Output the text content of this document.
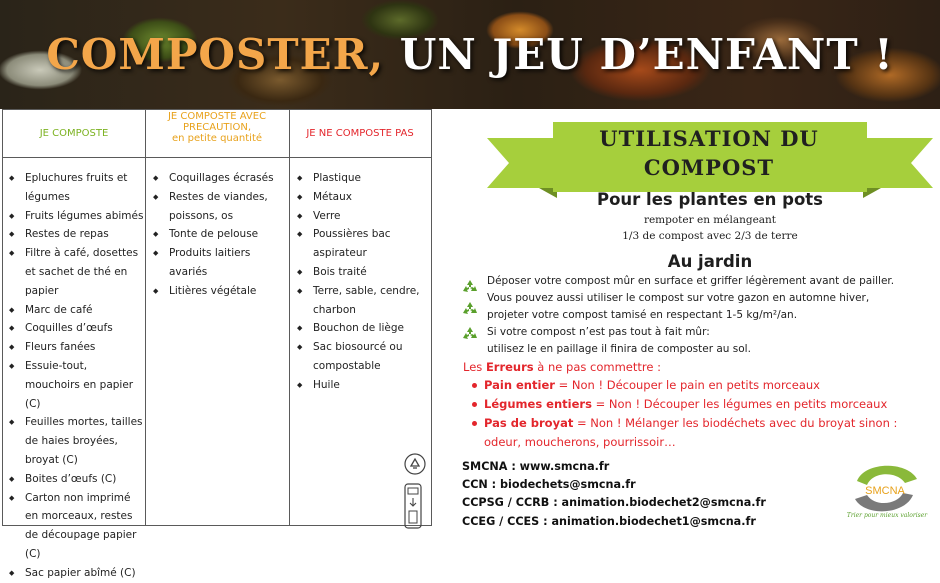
COMPOSTER, UN JEU D’ENFANT !
JE COMPOSTE
JE COMPOSTE AVEC
PRECAUTION,
en petite quantité	JE NE COMPOSTE PAS
◆ Epluchures fruits et légumes
◆ Fruits légumes abimés
◆ Restes de repas
◆ Filtre à café, dosettes et sachet de thé en papier
◆ Marc de café
◆ Coquilles d’œufs
◆ Fleurs fanées
◆ Essuie-tout, mouchoirs en papier (C)
◆ Feuilles mortes, tailles de haies broyées, broyat (C)
◆ Boites d’œufs (C)
◆ Carton non imprimé en morceaux, restes de découpage papier (C)
◆ Sac papier abîmé (C)
◆ Coquillages écrasés
◆ Restes de viandes, poissons, os
◆ Tonte de pelouse
◆ Produits laitiers avariés
◆ Litières végétale
◆ Plastique
◆ Métaux
◆ Verre
◆ Poussières bac aspirateur
◆ Bois traité
◆ Terre, sable, cendre, charbon
◆ Bouchon de liège
◆ Sac biosourcé ou compostable
◆ Huile

UTILISATION DU
COMPOST
Pour les plantes en pots
rempoter en mélangeant
1/3 de compost avec 2/3 de terre
Au jardin
Déposer votre compost mûr en surface et griffer légèrement avant de pailler.
Vous pouvez aussi utiliser le compost sur votre gazon en automne hiver,
projeter votre compost tamisé en respectant 1-5 kg/m²/an.
Si votre compost n’est pas tout à fait mûr:
utilisez le en paillage il finira de composter au sol.
Les Erreurs à ne pas commettre :
Pain entier = Non ! Découper le pain en petits morceaux
Légumes entiers = Non ! Découper les légumes en petits morceaux
Pas de broyat = Non ! Mélanger les biodéchets avec du broyat sinon : odeur, moucherons, pourrissoir…
SMCNA : www.smcna.fr
CCN : biodechets@smcna.fr
CCPSG / CCRB : animation.biodechet2@smcna.fr
CCEG / CCES : animation.biodechet1@smcna.fr
SMCNA
Trier pour mieux valoriser
